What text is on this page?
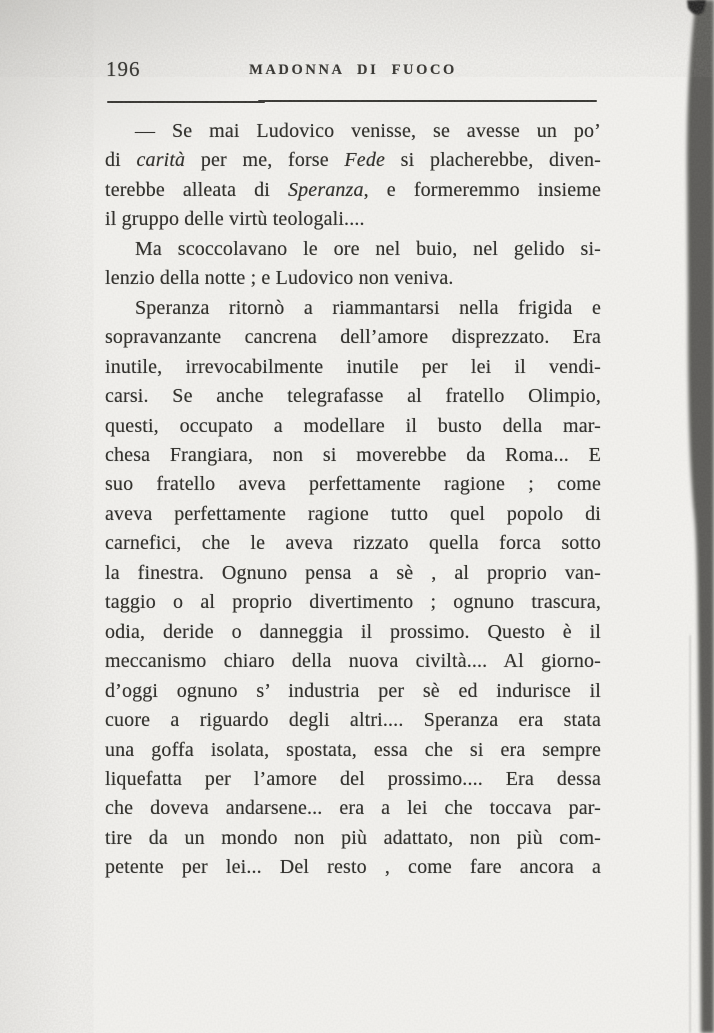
196	MADONNA DI FUOCO
— Se mai Ludovico venisse, se avesse un po’
di carità per me, forse Fede si placherebbe, diven-
terebbe alleata di Speranza, e formeremmo insieme
il gruppo delle virtù teologali....
Ma scoccolavano le ore nel buio, nel gelido si-
lenzio della notte ; e Ludovico non veniva.
Speranza ritornò a riammantarsi nella frigida e
sopravanzante cancrena dell’amore disprezzato. Era
inutile, irrevocabilmente inutile per lei il vendi-
carsi. Se anche telegrafasse al fratello Olimpio,
questi, occupato a modellare il busto della mar-
chesa Frangiara, non si moverebbe da Roma... E
suo fratello aveva perfettamente ragione ; come
aveva perfettamente ragione tutto quel popolo di
carnefici, che le aveva rizzato quella forca sotto
la finestra. Ognuno pensa a sè , al proprio van-
taggio o al proprio divertimento ; ognuno trascura,
odia, deride o danneggia il prossimo. Questo è il
meccanismo chiaro della nuova civiltà.... Al giorno-
d’oggi ognuno s’ industria per sè ed indurisce il
cuore a riguardo degli altri.... Speranza era stata
una goffa isolata, spostata, essa che si era sempre
liquefatta per l’amore del prossimo.... Era dessa
che doveva andarsene... era a lei che toccava par-
tire da un mondo non più adattato, non più com-
petente per lei... Del resto , come fare ancora a
